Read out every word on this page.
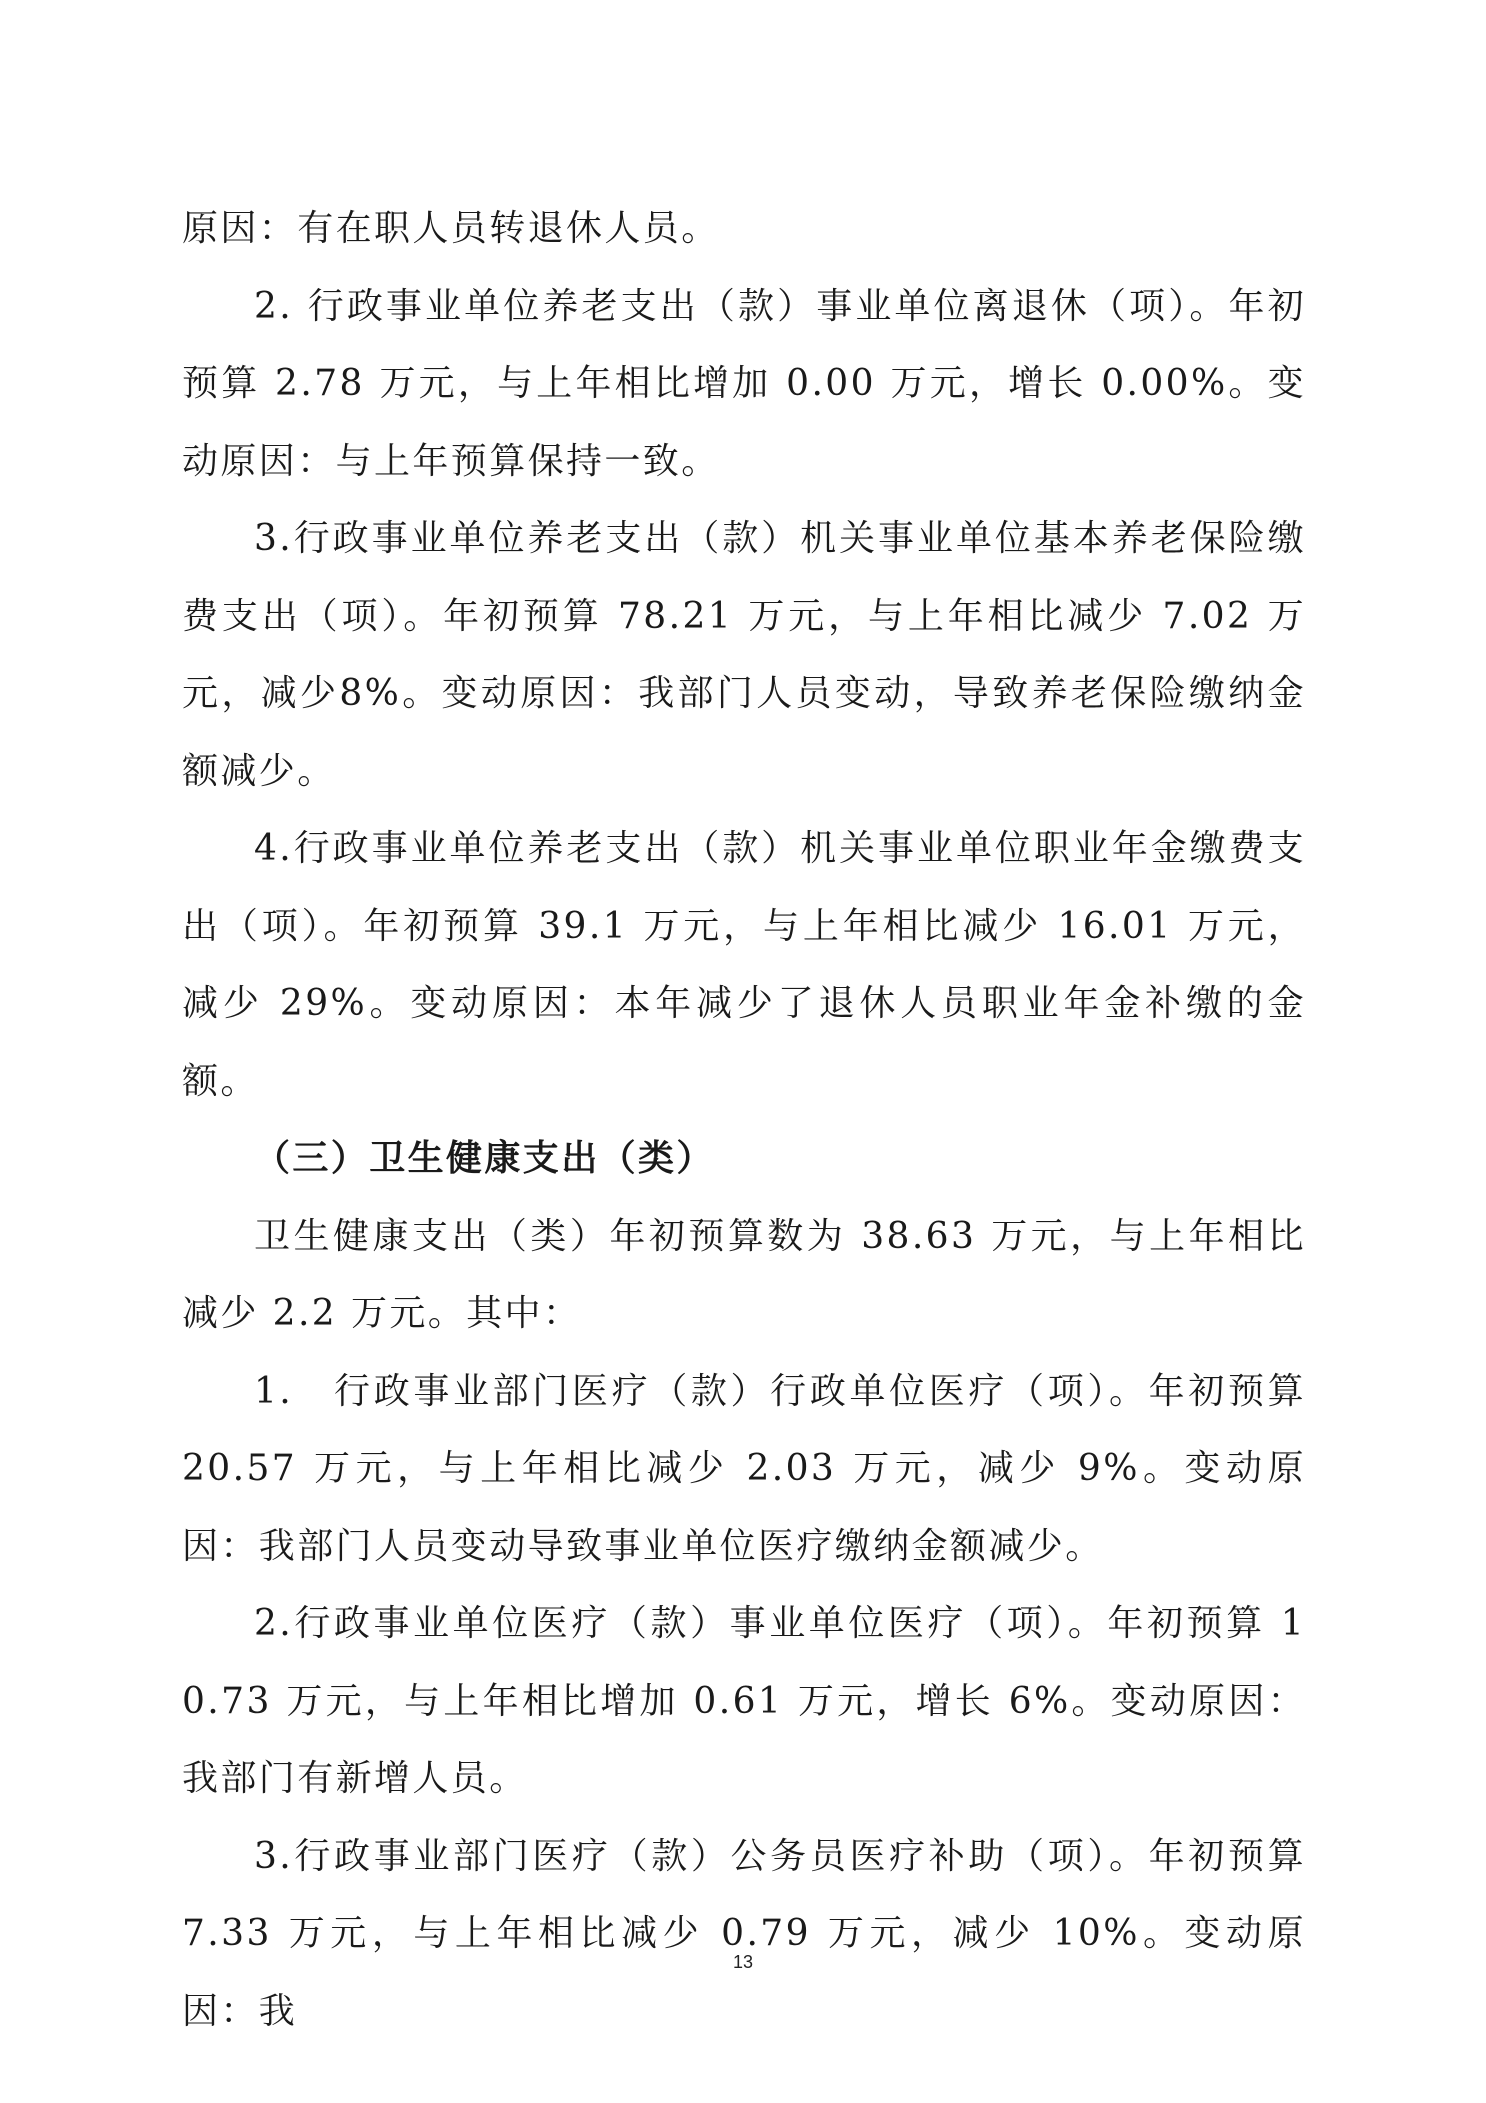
原因：有在职人员转退休人员。

2. 行政事业单位养老支出（款）事业单位离退休（项）。年初预算 2.78 万元，与上年相比增加 0.00 万元，增长 0.00%。变动原因：与上年预算保持一致。

3.行政事业单位养老支出（款）机关事业单位基本养老保险缴费支出（项）。年初预算 78.21 万元，与上年相比减少 7.02 万元，减少8%。变动原因：我部门人员变动，导致养老保险缴纳金额减少。

4.行政事业单位养老支出（款）机关事业单位职业年金缴费支出（项）。年初预算 39.1 万元，与上年相比减少 16.01 万元，减少 29%。变动原因：本年减少了退休人员职业年金补缴的金额。

（三）卫生健康支出（类）

卫生健康支出（类）年初预算数为 38.63 万元，与上年相比减少 2.2 万元。其中：

1.　行政事业部门医疗（款）行政单位医疗（项）。年初预算 20.57 万元，与上年相比减少 2.03 万元，减少 9%。变动原因：我部门人员变动导致事业单位医疗缴纳金额减少。

2.行政事业单位医疗（款）事业单位医疗（项）。年初预算 10.73 万元，与上年相比增加 0.61 万元，增长 6%。变动原因：我部门有新增人员。

3.行政事业部门医疗（款）公务员医疗补助（项）。年初预算 7.33 万元，与上年相比减少 0.79 万元，减少 10%。变动原因：我

13
